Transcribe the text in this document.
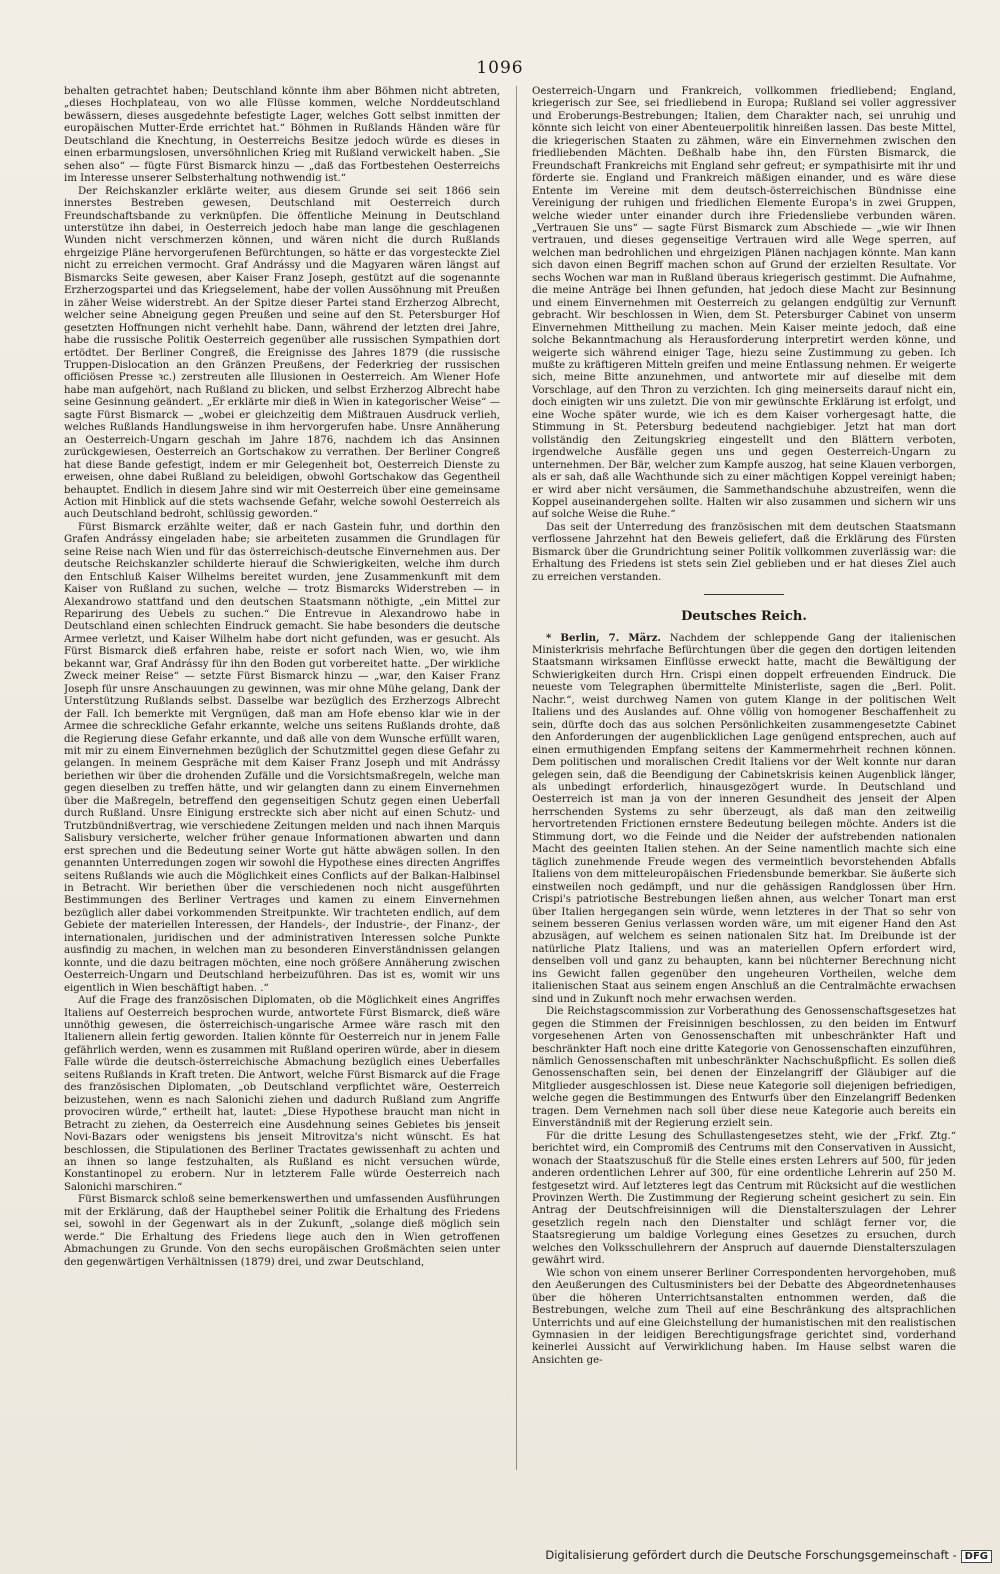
1096

behalten getrachtet haben; Deutschland könnte ihm aber Böhmen nicht abtreten, „dieses Hochplateau, von wo alle Flüsse kommen, welche Norddeutschland bewässern, dieses ausgedehnte befestigte Lager, welches Gott selbst inmitten der europäischen Mutter-Erde errichtet hat.“ Böhmen in Rußlands Händen wäre für Deutschland die Knechtung, in Oesterreichs Besitze jedoch würde es dieses in einen erbarmungslosen, unversöhnlichen Krieg mit Rußland verwickelt haben. „Sie sehen also“ — fügte Fürst Bismarck hinzu — „daß das Fortbestehen Oesterreichs im Interesse unserer Selbsterhaltung nothwendig ist.“

Der Reichskanzler erklärte weiter, aus diesem Grunde sei seit 1866 sein innerstes Bestreben gewesen, Deutschland mit Oesterreich durch Freundschaftsbande zu verknüpfen. Die öffentliche Meinung in Deutschland unterstütze ihn dabei, in Oesterreich jedoch habe man lange die geschlagenen Wunden nicht verschmerzen können, und wären nicht die durch Rußlands ehrgeizige Pläne hervorgerufenen Befürchtungen, so hätte er das vorgesteckte Ziel nicht zu erreichen vermocht. Graf Andrássy und die Magyaren wären längst auf Bismarcks Seite gewesen, aber Kaiser Franz Joseph, gestützt auf die sogenannte Erzherzogspartei und das Kriegselement, habe der vollen Aussöhnung mit Preußen in zäher Weise widerstrebt. An der Spitze dieser Partei stand Erzherzog Albrecht, welcher seine Abneigung gegen Preußen und seine auf den St. Petersburger Hof gesetzten Hoffnungen nicht verhehlt habe. Dann, während der letzten drei Jahre, habe die russische Politik Oesterreich gegenüber alle russischen Sympathien dort ertödtet. Der Berliner Congreß, die Ereignisse des Jahres 1879 (die russische Truppen-Dislocation an den Gränzen Preußens, der Federkrieg der russischen officiösen Presse ꝛc.) zerstreuten alle Illusionen in Oesterreich. Am Wiener Hofe habe man aufgehört, nach Rußland zu blicken, und selbst Erzherzog Albrecht habe seine Gesinnung geändert. „Er erklärte mir dieß in Wien in kategorischer Weise“ — sagte Fürst Bismarck — „wobei er gleichzeitig dem Mißtrauen Ausdruck verlieh, welches Rußlands Handlungsweise in ihm hervorgerufen habe. Unsre Annäherung an Oesterreich-Ungarn geschah im Jahre 1876, nachdem ich das Ansinnen zurückgewiesen, Oesterreich an Gortschakow zu verrathen. Der Berliner Congreß hat diese Bande gefestigt, indem er mir Gelegenheit bot, Oesterreich Dienste zu erweisen, ohne dabei Rußland zu beleidigen, obwohl Gortschakow das Gegentheil behauptet. Endlich in diesem Jahre sind wir mit Oesterreich über eine gemeinsame Action mit Hinblick auf die stets wachsende Gefahr, welche sowohl Oesterreich als auch Deutschland bedroht, schlüssig geworden.“

Fürst Bismarck erzählte weiter, daß er nach Gastein fuhr, und dorthin den Grafen Andrássy eingeladen habe; sie arbeiteten zusammen die Grundlagen für seine Reise nach Wien und für das österreichisch-deutsche Einvernehmen aus. Der deutsche Reichskanzler schilderte hierauf die Schwierigkeiten, welche ihm durch den Entschluß Kaiser Wilhelms bereitet wurden, jene Zusammenkunft mit dem Kaiser von Rußland zu suchen, welche — trotz Bismarcks Widerstreben — in Alexandrowo stattfand und den deutschen Staatsmann nöthigte, „ein Mittel zur Reparirung des Uebels zu suchen.“ Die Entrevue in Alexandrowo habe in Deutschland einen schlechten Eindruck gemacht. Sie habe besonders die deutsche Armee verletzt, und Kaiser Wilhelm habe dort nicht gefunden, was er gesucht. Als Fürst Bismarck dieß erfahren habe, reiste er sofort nach Wien, wo, wie ihm bekannt war, Graf Andrássy für ihn den Boden gut vorbereitet hatte. „Der wirkliche Zweck meiner Reise“ — setzte Fürst Bismarck hinzu — „war, den Kaiser Franz Joseph für unsre Anschauungen zu gewinnen, was mir ohne Mühe gelang, Dank der Unterstützung Rußlands selbst. Dasselbe war bezüglich des Erzherzogs Albrecht der Fall. Ich bemerkte mit Vergnügen, daß man am Hofe ebenso klar wie in der Armee die schreckliche Gefahr erkannte, welche uns seitens Rußlands drohte, daß die Regierung diese Gefahr erkannte, und daß alle von dem Wunsche erfüllt waren, mit mir zu einem Einvernehmen bezüglich der Schutzmittel gegen diese Gefahr zu gelangen. In meinem Gespräche mit dem Kaiser Franz Joseph und mit Andrássy beriethen wir über die drohenden Zufälle und die Vorsichtsmaßregeln, welche man gegen dieselben zu treffen hätte, und wir gelangten dann zu einem Einvernehmen über die Maßregeln, betreffend den gegenseitigen Schutz gegen einen Ueberfall durch Rußland. Unsre Einigung erstreckte sich aber nicht auf einen Schutz- und Trutzbündnißvertrag, wie verschiedene Zeitungen melden und nach ihnen Marquis Salisbury versicherte, welcher früher genaue Informationen abwarten und dann erst sprechen und die Bedeutung seiner Worte gut hätte abwägen sollen. In den genannten Unterredungen zogen wir sowohl die Hypothese eines directen Angriffes seitens Rußlands wie auch die Möglichkeit eines Conflicts auf der Balkan-Halbinsel in Betracht. Wir beriethen über die verschiedenen noch nicht ausgeführten Bestimmungen des Berliner Vertrages und kamen zu einem Einvernehmen bezüglich aller dabei vorkommenden Streitpunkte. Wir trachteten endlich, auf dem Gebiete der materiellen Interessen, der Handels-, der Industrie-, der Finanz-, der internationalen, juridischen und der administrativen Interessen solche Punkte ausfindig zu machen, in welchen man zu besonderen Einverständnissen gelangen konnte, und die dazu beitragen möchten, eine noch größere Annäherung zwischen Oesterreich-Ungarn und Deutschland herbeizuführen. Das ist es, womit wir uns eigentlich in Wien beschäftigt haben. .“

Auf die Frage des französischen Diplomaten, ob die Möglichkeit eines Angriffes Italiens auf Oesterreich besprochen wurde, antwortete Fürst Bismarck, dieß wäre unnöthig gewesen, die österreichisch-ungarische Armee wäre rasch mit den Italienern allein fertig geworden. Italien könnte für Oesterreich nur in jenem Falle gefährlich werden, wenn es zusammen mit Rußland operiren würde, aber in diesem Falle würde die deutsch-österreichische Abmachung bezüglich eines Ueberfalles seitens Rußlands in Kraft treten. Die Antwort, welche Fürst Bismarck auf die Frage des französischen Diplomaten, „ob Deutschland verpflichtet wäre, Oesterreich beizustehen, wenn es nach Salonichi ziehen und dadurch Rußland zum Angriffe provociren würde,“ ertheilt hat, lautet: „Diese Hypothese braucht man nicht in Betracht zu ziehen, da Oesterreich eine Ausdehnung seines Gebietes bis jenseit Novi-Bazars oder wenigstens bis jenseit Mitrovitza's nicht wünscht. Es hat beschlossen, die Stipulationen des Berliner Tractates gewissenhaft zu achten und an ihnen so lange festzuhalten, als Rußland es nicht versuchen würde, Konstantinopel zu erobern. Nur in letzterem Falle würde Oesterreich nach Salonichi marschiren.“

Fürst Bismarck schloß seine bemerkenswerthen und umfassenden Ausführungen mit der Erklärung, daß der Haupthebel seiner Politik die Erhaltung des Friedens sei, sowohl in der Gegenwart als in der Zukunft, „solange dieß möglich sein werde.“ Die Erhaltung des Friedens liege auch den in Wien getroffenen Abmachungen zu Grunde. Von den sechs europäischen Großmächten seien unter den gegenwärtigen Verhältnissen (1879) drei, und zwar Deutschland,

Oesterreich-Ungarn und Frankreich, vollkommen friedliebend; England, kriegerisch zur See, sei friedliebend in Europa; Rußland sei voller aggressiver und Eroberungs-Bestrebungen; Italien, dem Charakter nach, sei unruhig und könnte sich leicht von einer Abenteuerpolitik hinreißen lassen. Das beste Mittel, die kriegerischen Staaten zu zähmen, wäre ein Einvernehmen zwischen den friedliebenden Mächten. Deßhalb habe ihn, den Fürsten Bismarck, die Freundschaft Frankreichs mit England sehr gefreut; er sympathisirte mit ihr und förderte sie. England und Frankreich mäßigen einander, und es wäre diese Entente im Vereine mit dem deutsch-österreichischen Bündnisse eine Vereinigung der ruhigen und friedlichen Elemente Europa's in zwei Gruppen, welche wieder unter einander durch ihre Friedensliebe verbunden wären. „Vertrauen Sie uns“ — sagte Fürst Bismarck zum Abschiede — „wie wir Ihnen vertrauen, und dieses gegenseitige Vertrauen wird alle Wege sperren, auf welchen man bedrohlichen und ehrgeizigen Plänen nachjagen könnte. Man kann sich davon einen Begriff machen schon auf Grund der erzielten Resultate. Vor sechs Wochen war man in Rußland überaus kriegerisch gestimmt. Die Aufnahme, die meine Anträge bei Ihnen gefunden, hat jedoch diese Macht zur Besinnung und einem Einvernehmen mit Oesterreich zu gelangen endgültig zur Vernunft gebracht. Wir beschlossen in Wien, dem St. Petersburger Cabinet von unserm Einvernehmen Mittheilung zu machen. Mein Kaiser meinte jedoch, daß eine solche Bekanntmachung als Herausforderung interpretirt werden könne, und weigerte sich während einiger Tage, hiezu seine Zustimmung zu geben. Ich mußte zu kräftigeren Mitteln greifen und meine Entlassung nehmen. Er weigerte sich, meine Bitte anzunehmen, und antwortete mir auf dieselbe mit dem Vorschlage, auf den Thron zu verzichten. Ich ging meinerseits darauf nicht ein, doch einigten wir uns zuletzt. Die von mir gewünschte Erklärung ist erfolgt, und eine Woche später wurde, wie ich es dem Kaiser vorhergesagt hatte, die Stimmung in St. Petersburg bedeutend nachgiebiger. Jetzt hat man dort vollständig den Zeitungskrieg eingestellt und den Blättern verboten, irgendwelche Ausfälle gegen uns und gegen Oesterreich-Ungarn zu unternehmen. Der Bär, welcher zum Kampfe auszog, hat seine Klauen verborgen, als er sah, daß alle Wachthunde sich zu einer mächtigen Koppel vereinigt haben; er wird aber nicht versäumen, die Sammethandschuhe abzustreifen, wenn die Koppel auseinandergehen sollte. Halten wir also zusammen und sichern wir uns auf solche Weise die Ruhe.“

Das seit der Unterredung des französischen mit dem deutschen Staatsmann verflossene Jahrzehnt hat den Beweis geliefert, daß die Erklärung des Fürsten Bismarck über die Grundrichtung seiner Politik vollkommen zuverlässig war: die Erhaltung des Friedens ist stets sein Ziel geblieben und er hat dieses Ziel auch zu erreichen verstanden.

Deutsches Reich.

* Berlin, 7. März. Nachdem der schleppende Gang der italienischen Ministerkrisis mehrfache Befürchtungen über die gegen den dortigen leitenden Staatsmann wirksamen Einflüsse erweckt hatte, macht die Bewältigung der Schwierigkeiten durch Hrn. Crispi einen doppelt erfreuenden Eindruck. Die neueste vom Telegraphen übermittelte Ministerliste, sagen die „Berl. Polit. Nachr.“, weist durchweg Namen von gutem Klange in der politischen Welt Italiens und des Auslandes auf. Ohne völlig von homogener Beschaffenheit zu sein, dürfte doch das aus solchen Persönlichkeiten zusammengesetzte Cabinet den Anforderungen der augenblicklichen Lage genügend entsprechen, auch auf einen ermuthigenden Empfang seitens der Kammermehrheit rechnen können. Dem politischen und moralischen Credit Italiens vor der Welt konnte nur daran gelegen sein, daß die Beendigung der Cabinetskrisis keinen Augenblick länger, als unbedingt erforderlich, hinausgezögert wurde. In Deutschland und Oesterreich ist man ja von der inneren Gesundheit des jenseit der Alpen herrschenden Systems zu sehr überzeugt, als daß man den zeitweilig hervortretenden Frictionen ernstere Bedeutung beilegen möchte. Anders ist die Stimmung dort, wo die Feinde und die Neider der aufstrebenden nationalen Macht des geeinten Italien stehen. An der Seine namentlich machte sich eine täglich zunehmende Freude wegen des vermeintlich bevorstehenden Abfalls Italiens von dem mitteleuropäischen Friedensbunde bemerkbar. Sie äußerte sich einstweilen noch gedämpft, und nur die gehässigen Randglossen über Hrn. Crispi's patriotische Bestrebungen ließen ahnen, aus welcher Tonart man erst über Italien hergegangen sein würde, wenn letzteres in der That so sehr von seinem besseren Genius verlassen worden wäre, um mit eigener Hand den Ast abzusägen, auf welchem es seinen nationalen Sitz hat. Im Dreibunde ist der natürliche Platz Italiens, und was an materiellen Opfern erfordert wird, denselben voll und ganz zu behaupten, kann bei nüchterner Berechnung nicht ins Gewicht fallen gegenüber den ungeheuren Vortheilen, welche dem italienischen Staat aus seinem engen Anschluß an die Centralmächte erwachsen sind und in Zukunft noch mehr erwachsen werden.

Die Reichstagscommission zur Vorberathung des Genossenschaftsgesetzes hat gegen die Stimmen der Freisinnigen beschlossen, zu den beiden im Entwurf vorgesehenen Arten von Genossenschaften mit unbeschränkter Haft und beschränkter Haft noch eine dritte Kategorie von Genossenschaften einzuführen, nämlich Genossenschaften mit unbeschränkter Nachschußpflicht. Es sollen dieß Genossenschaften sein, bei denen der Einzelangriff der Gläubiger auf die Mitglieder ausgeschlossen ist. Diese neue Kategorie soll diejenigen befriedigen, welche gegen die Bestimmungen des Entwurfs über den Einzelangriff Bedenken tragen. Dem Vernehmen nach soll über diese neue Kategorie auch bereits ein Einverständniß mit der Regierung erzielt sein.

Für die dritte Lesung des Schullastengesetzes steht, wie der „Frkf. Ztg.“ berichtet wird, ein Compromiß des Centrums mit den Conservativen in Aussicht, wonach der Staatszuschuß für die Stelle eines ersten Lehrers auf 500, für jeden anderen ordentlichen Lehrer auf 300, für eine ordentliche Lehrerin auf 250 M. festgesetzt wird. Auf letzteres legt das Centrum mit Rücksicht auf die westlichen Provinzen Werth. Die Zustimmung der Regierung scheint gesichert zu sein. Ein Antrag der Deutschfreisinnigen will die Dienstalterszulagen der Lehrer gesetzlich regeln nach den Dienstalter und schlägt ferner vor, die Staatsregierung um baldige Vorlegung eines Gesetzes zu ersuchen, durch welches den Volksschullehrern der Anspruch auf dauernde Dienstalterszulagen gewährt wird.

Wie schon von einem unserer Berliner Correspondenten hervorgehoben, muß den Aeußerungen des Cultusministers bei der Debatte des Abgeordnetenhauses über die höheren Unterrichtsanstalten entnommen werden, daß die Bestrebungen, welche zum Theil auf eine Beschränkung des altsprachlichen Unterrichts und auf eine Gleichstellung der humanistischen mit den realistischen Gymnasien in der leidigen Berechtigungsfrage gerichtet sind, vorderhand keinerlei Aussicht auf Verwirklichung haben. Im Hause selbst waren die Ansichten ge-

Digitalisierung gefördert durch die Deutsche Forschungsgemeinschaft - DFG
